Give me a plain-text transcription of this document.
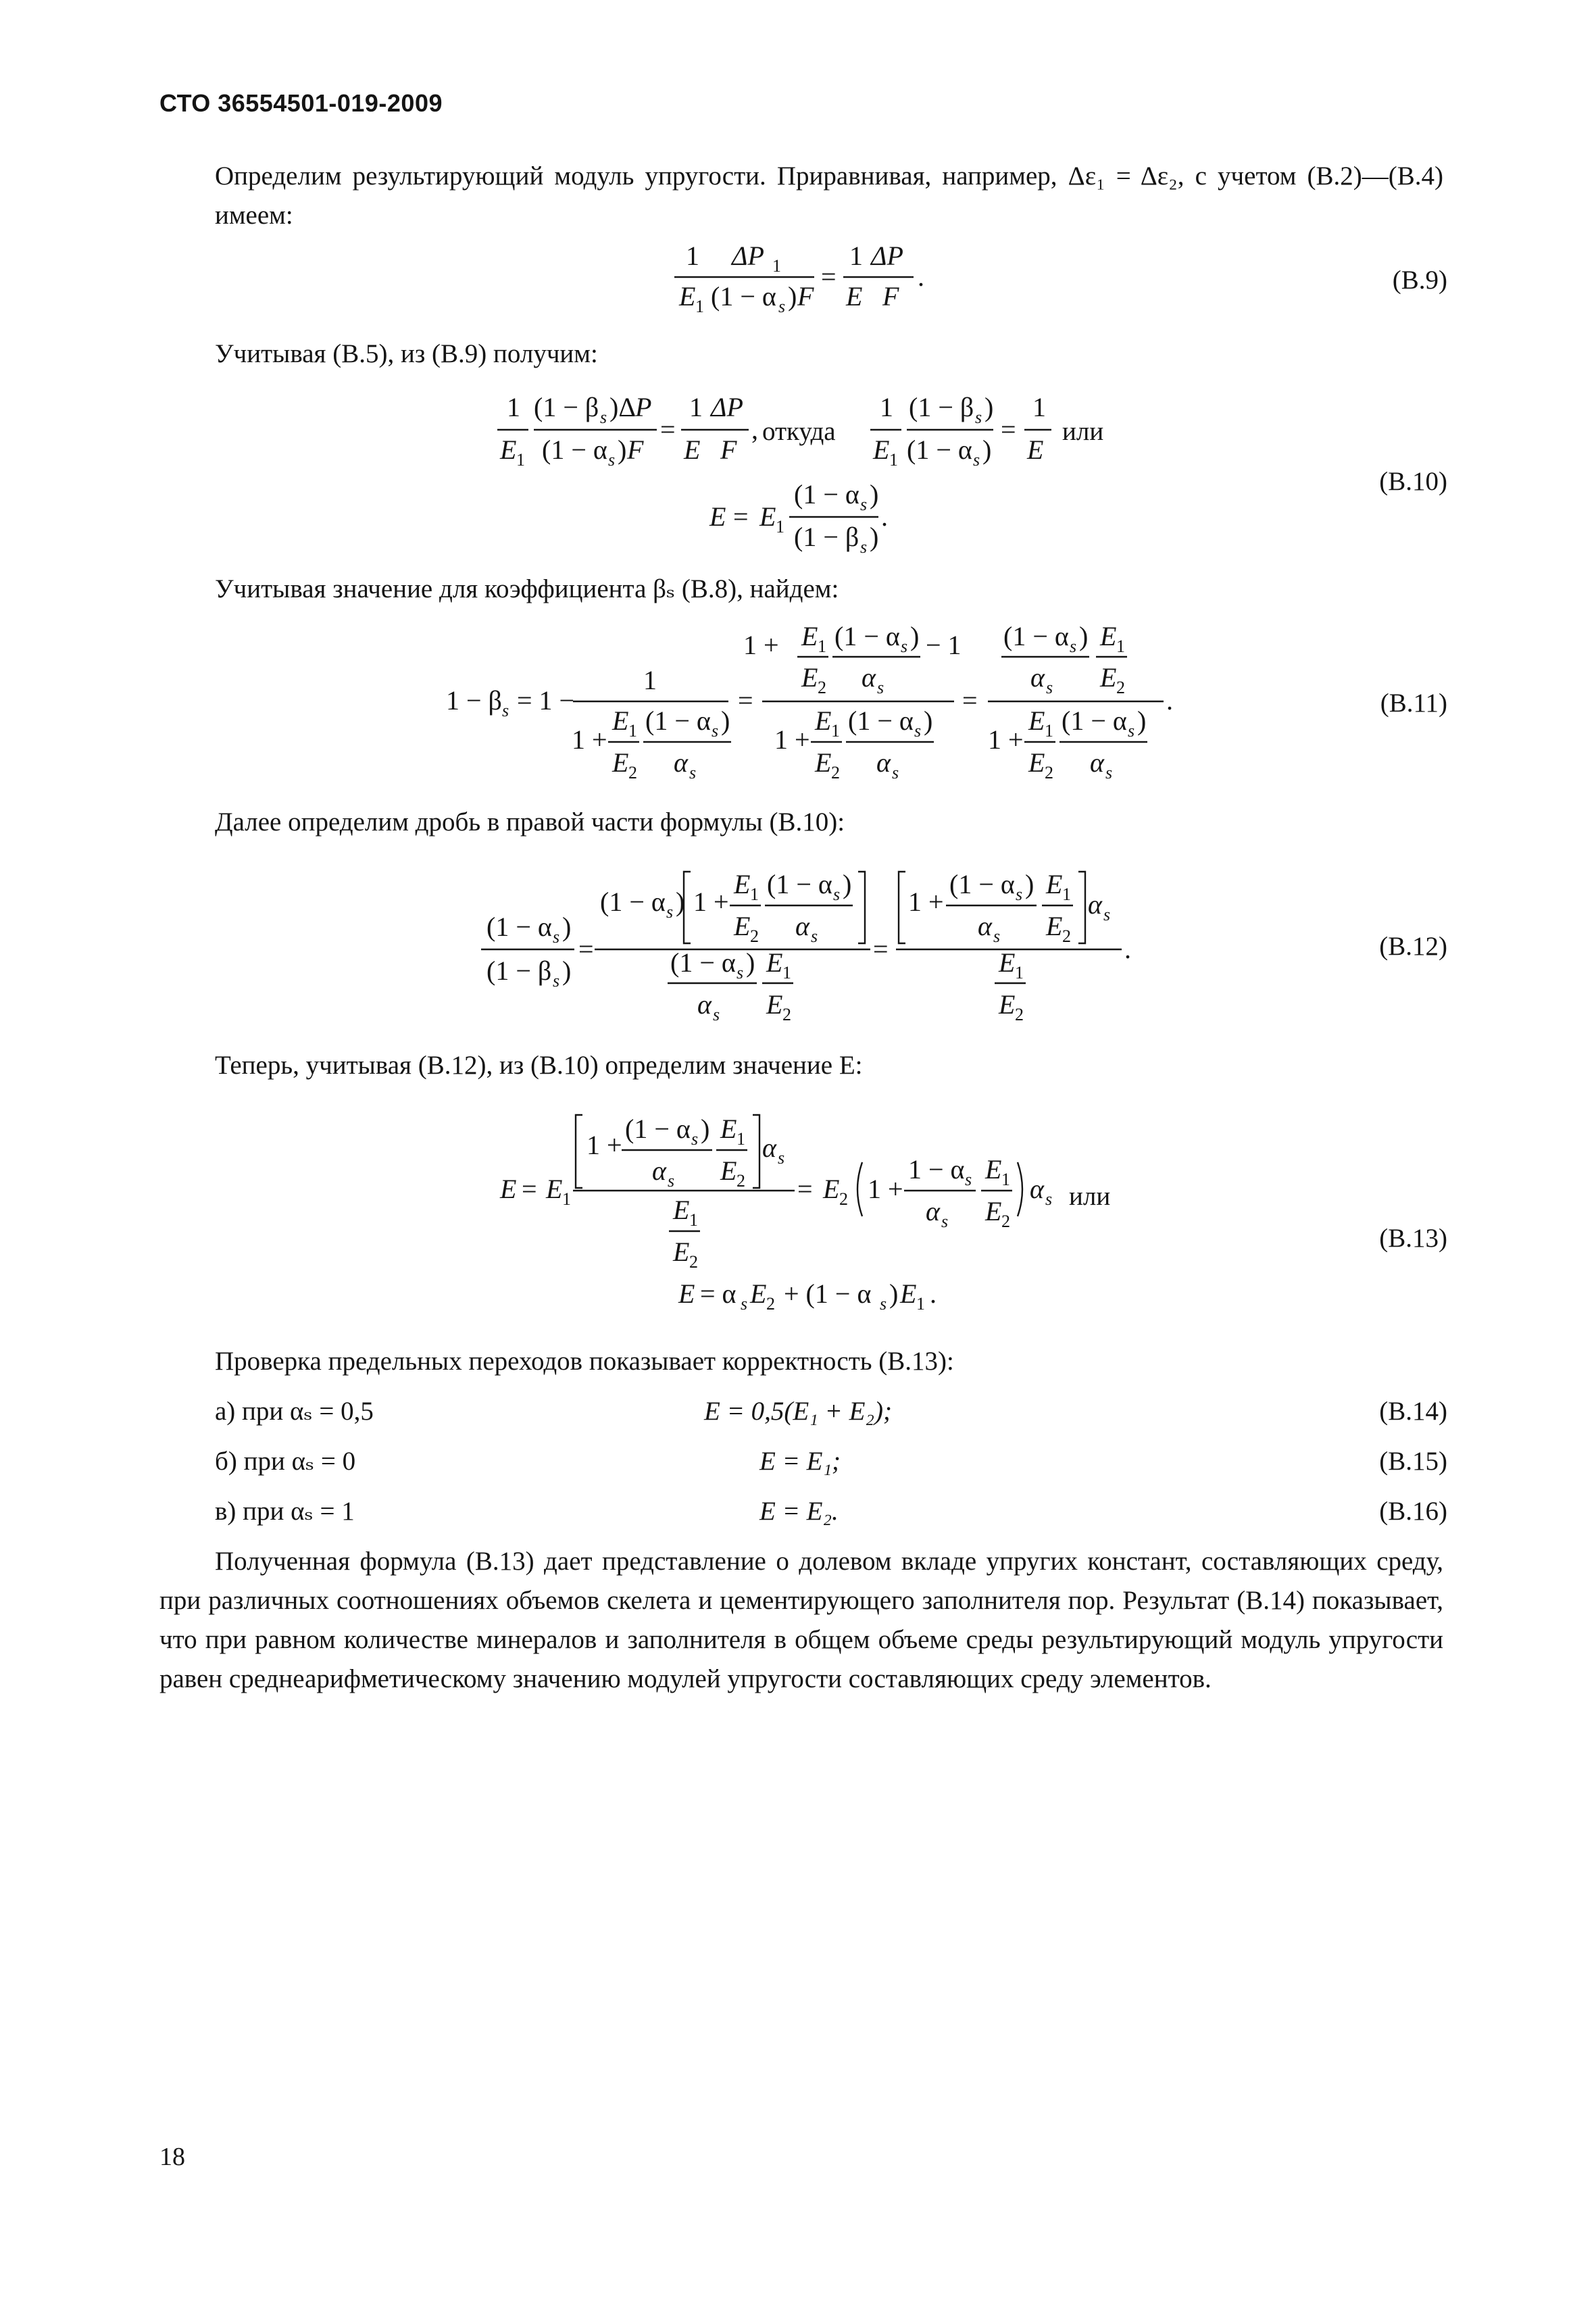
СТО 36554501-019-2009
Определим результирующий модуль упругости. Приравнивая, например, Δε₁ = Δε₂, с учетом (В.2)—(В.4) имеем:
1 ΔP 1
E 1 (1 − α s ) F
=
1 ΔP
E F
.	(В.9)
Учитывая (В.5), из (В.9) получим:
1
E 1
(1 − β s )Δ
P
(1 − α s ) F
=
1 ΔP
E F
,
1
E 1
(1 − β s )
(1 − α s )
=
1
E
E = E 1
(1 − α s )
(1 − β s )
.
откуда	или
(В.10)
Учитывая значение для коэффициента βₛ (В.8), найдем:
1 − β s = 1 −
1
1 +
E 1
E 2
(1 − α s )
α s
=
1 + E 1
E 2
(1 − α s )
α s
− 1
1 +
E 1
E 2
(1 − α s )
α s
=
(1 − α s )
α s
E 1
E 2
1 +
E 1
E 2
(1 − α s )
α s
.	(В.11)
Далее определим дробь в правой части формулы (В.10):
(1 − α s )
(1 − β s )
=
(1 − α s ) 1 +
E 1
E 2
(1 − α s )
α s
(1 − α s )
α s
E 1
E 2
=
1 +
(1 − α s )
α s
E 1
E 2
α s
E 1
E 2
.	(В.12)
Теперь, учитывая (В.12), из (В.10) определим значение E:
E = E 1
1 +
(1 − α s )
α s
E 1
E 2
α s
E 1
E 2
= E 2 1 +
1 − α s
α s
E 1
E 2
α s
E = α s E 2 + (1 − α s ) E 1 .
или
(В.13)
Проверка предельных переходов показывает корректность (В.13):
а) при αₛ = 0,5	E = 0,5(E₁ + E₂);	(В.14)
б) при αₛ = 0	E = E₁;	(В.15)
в) при αₛ = 1	E = E₂.	(В.16)
Полученная формула (В.13) дает представление о долевом вкладе упругих констант, составляющих среду, при различных соотношениях объемов скелета и цементирующего заполнителя пор. Результат (В.14) показывает, что при равном количестве минералов и заполнителя в общем объеме среды результирующий модуль упругости равен среднеарифметическому значению модулей упругости составляющих среду элементов.
18
